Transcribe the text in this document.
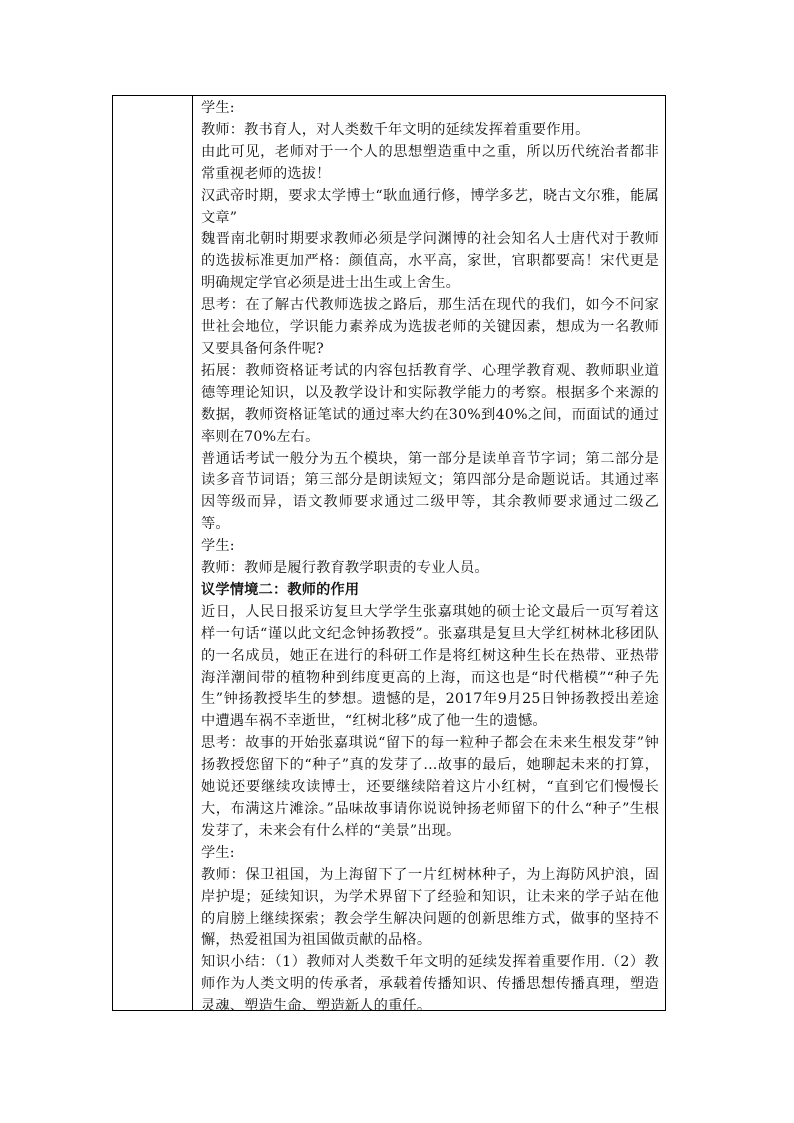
学生:

教师：教书育人，对人类数千年文明的延续发挥着重要作用。

由此可见，老师对于一个人的思想塑造重中之重，所以历代统治者都非常重视老师的选拔！

汉武帝时期，要求太学博士“耿血通行修，博学多艺，晓古文尔雅，能属文章”

魏晋南北朝时期要求教师必须是学问渊博的社会知名人士唐代对于教师的选拔标准更加严格：颜值高，水平高，家世，官职都要高！宋代更是明确规定学官必须是进士出生或上舍生。

思考：在了解古代教师选拔之路后，那生活在现代的我们，如今不问家世社会地位，学识能力素养成为选拔老师的关键因素，想成为一名教师又要具备何条件呢?

拓展：教师资格证考试的内容包括教育学、心理学教育观、教师职业道德等理论知识，以及教学设计和实际教学能力的考察。根据多个来源的数据，教师资格证笔试的通过率大约在30%到40%之间，而面试的通过率则在70%左右。

普通话考试一般分为五个模块，第一部分是读单音节字词；第二部分是读多音节词语；第三部分是朗读短文；第四部分是命题说话。其通过率因等级而异，语文教师要求通过二级甲等，其余教师要求通过二级乙等。

学生:

教师：教师是履行教育教学职责的专业人员。

议学情境二：教师的作用

近日，人民日报采访复旦大学学生张嘉琪她的硕士论文最后一页写着这样一句话“谨以此文纪念钟扬教授”。张嘉琪是复旦大学红树林北移团队的一名成员，她正在进行的科研工作是将红树这种生长在热带、亚热带海洋潮间带的植物种到纬度更高的上海，而这也是“时代楷模”“种子先生”钟扬教授毕生的梦想。遗憾的是，2017年9月25日钟扬教授出差途中遭遇车祸不幸逝世，“红树北移”成了他一生的遗憾。

思考：故事的开始张嘉琪说“留下的每一粒种子都会在未来生根发芽”钟扬教授您留下的“种子”真的发芽了...故事的最后，她聊起未来的打算，她说还要继续攻读博士，还要继续陪着这片小红树，“直到它们慢慢长大，布满这片滩涂。”品味故事请你说说钟扬老师留下的什么“种子”生根发芽了，未来会有什么样的“美景”出现。

学生:

教师：保卫祖国，为上海留下了一片红树林种子，为上海防风护浪，固岸护堤；延续知识，为学术界留下了经验和知识，让未来的学子站在他的肩膀上继续探索；教会学生解决问题的创新思维方式，做事的坚持不懈，热爱祖国为祖国做贡献的品格。

知识小结：（1）教师对人类数千年文明的延续发挥着重要作用.（2）教师作为人类文明的传承者，承载着传播知识、传播思想传播真理，塑造灵魂、塑造生命、塑造新人的重任。
